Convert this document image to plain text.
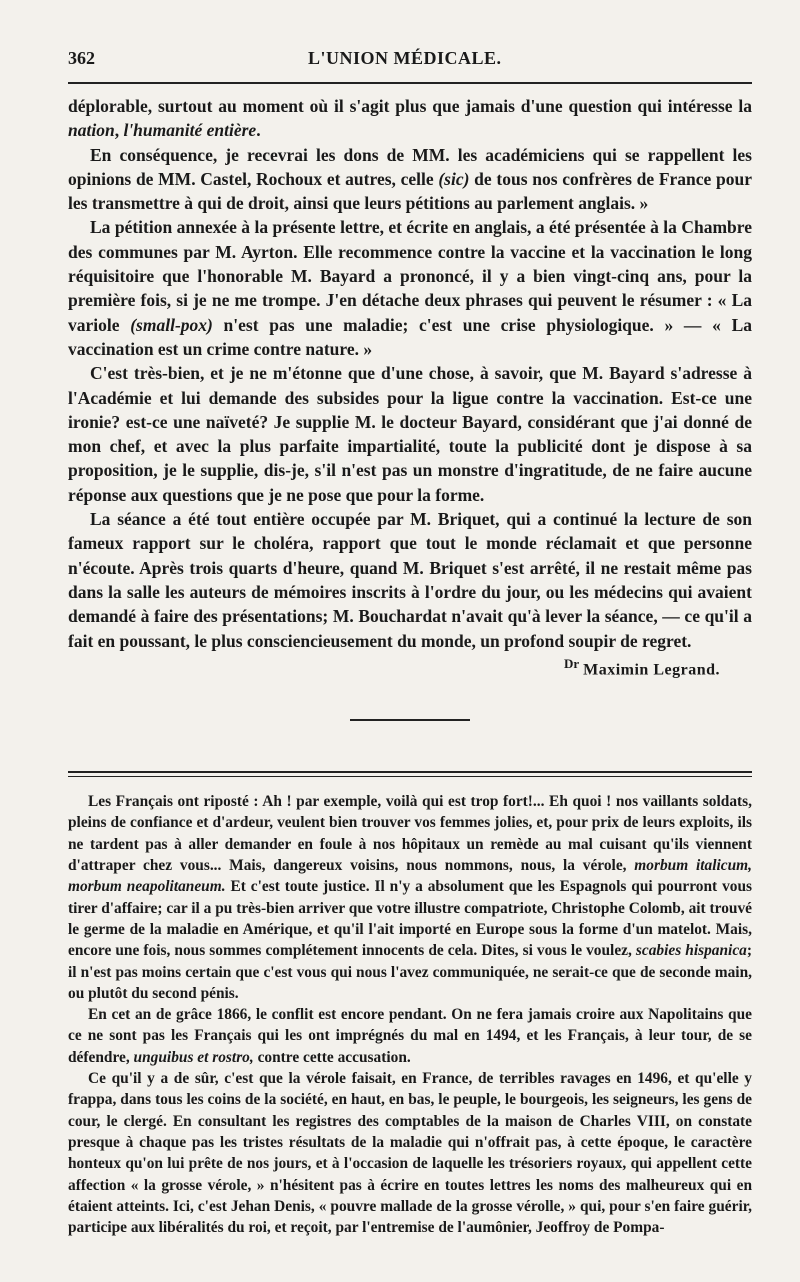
362	L'UNION MÉDICALE.

déplorable, surtout au moment où il s'agit plus que jamais d'une question qui intéresse la nation, l'humanité entière.

En conséquence, je recevrai les dons de MM. les académiciens qui se rappellent les opinions de MM. Castel, Rochoux et autres, celle (sic) de tous nos confrères de France pour les transmettre à qui de droit, ainsi que leurs pétitions au parlement anglais. »

La pétition annexée à la présente lettre, et écrite en anglais, a été présentée à la Chambre des communes par M. Ayrton. Elle recommence contre la vaccine et la vaccination le long réquisitoire que l'honorable M. Bayard a prononcé, il y a bien vingt-cinq ans, pour la première fois, si je ne me trompe. J'en détache deux phrases qui peuvent le résumer : « La variole (small-pox) n'est pas une maladie; c'est une crise physiologique. » — « La vaccination est un crime contre nature. »

C'est très-bien, et je ne m'étonne que d'une chose, à savoir, que M. Bayard s'adresse à l'Académie et lui demande des subsides pour la ligue contre la vaccination. Est-ce une ironie? est-ce une naïveté? Je supplie M. le docteur Bayard, considérant que j'ai donné de mon chef, et avec la plus parfaite impartialité, toute la publicité dont je dispose à sa proposition, je le supplie, dis-je, s'il n'est pas un monstre d'ingratitude, de ne faire aucune réponse aux questions que je ne pose que pour la forme.

La séance a été tout entière occupée par M. Briquet, qui a continué la lecture de son fameux rapport sur le choléra, rapport que tout le monde réclamait et que personne n'écoute. Après trois quarts d'heure, quand M. Briquet s'est arrêté, il ne restait même pas dans la salle les auteurs de mémoires inscrits à l'ordre du jour, ou les médecins qui avaient demandé à faire des présentations; M. Bouchardat n'avait qu'à lever la séance, — ce qu'il a fait en poussant, le plus consciencieusement du monde, un profond soupir de regret.

$^{Dr}$ Maximin Legrand.

Les Français ont riposté : Ah ! par exemple, voilà qui est trop fort!... Eh quoi ! nos vaillants soldats, pleins de confiance et d'ardeur, veulent bien trouver vos femmes jolies, et, pour prix de leurs exploits, ils ne tardent pas à aller demander en foule à nos hôpitaux un remède au mal cuisant qu'ils viennent d'attraper chez vous... Mais, dangereux voisins, nous nommons, nous, la vérole, morbum italicum, morbum neapolitaneum. Et c'est toute justice. Il n'y a absolument que les Espagnols qui pourront vous tirer d'affaire; car il a pu très-bien arriver que votre illustre compatriote, Christophe Colomb, ait trouvé le germe de la maladie en Amérique, et qu'il l'ait importé en Europe sous la forme d'un matelot. Mais, encore une fois, nous sommes complétement innocents de cela. Dites, si vous le voulez, scabies hispanica; il n'est pas moins certain que c'est vous qui nous l'avez communiquée, ne serait-ce que de seconde main, ou plutôt du second pénis.

En cet an de grâce 1866, le conflit est encore pendant. On ne fera jamais croire aux Napolitains que ce ne sont pas les Français qui les ont imprégnés du mal en 1494, et les Français, à leur tour, de se défendre, unguibus et rostro, contre cette accusation.

Ce qu'il y a de sûr, c'est que la vérole faisait, en France, de terribles ravages en 1496, et qu'elle y frappa, dans tous les coins de la société, en haut, en bas, le peuple, le bourgeois, les seigneurs, les gens de cour, le clergé. En consultant les registres des comptables de la maison de Charles VIII, on constate presque à chaque pas les tristes résultats de la maladie qui n'offrait pas, à cette époque, le caractère honteux qu'on lui prête de nos jours, et à l'occasion de laquelle les trésoriers royaux, qui appellent cette affection « la grosse vérole, » n'hésitent pas à écrire en toutes lettres les noms des malheureux qui en étaient atteints. Ici, c'est Jehan Denis, « pouvre mallade de la grosse vérolle, » qui, pour s'en faire guérir, participe aux libéralités du roi, et reçoit, par l'entremise de l'aumônier, Jeoffroy de Pompa-
